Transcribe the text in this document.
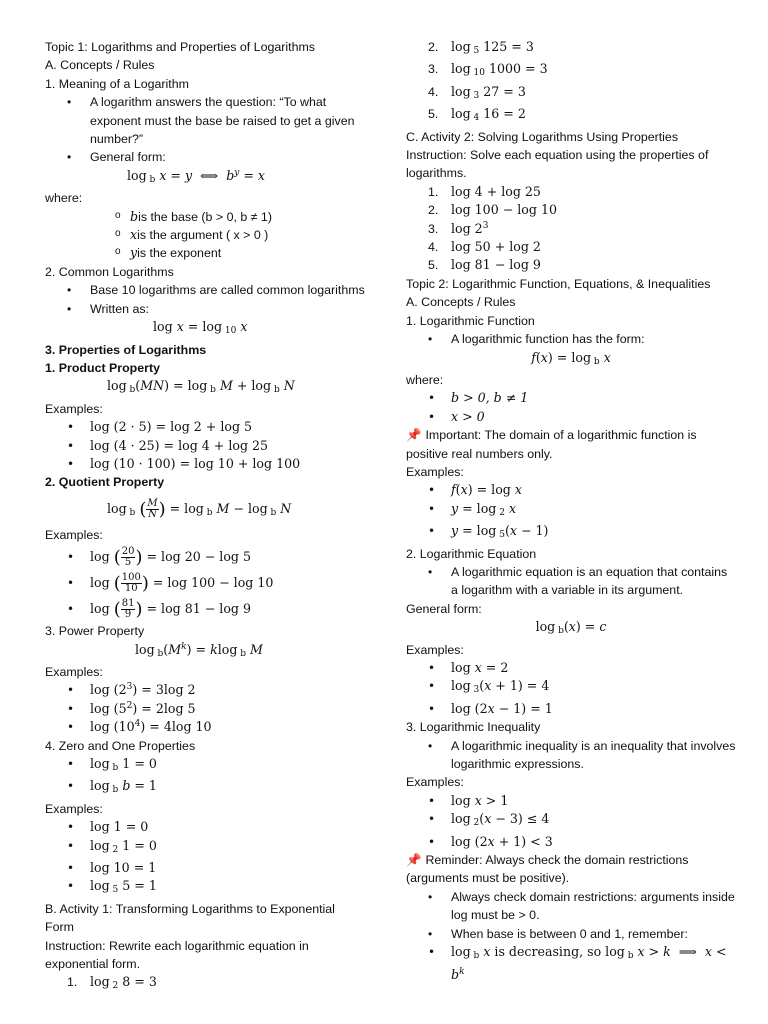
Topic 1: Logarithms and Properties of Logarithms
A. Concepts / Rules
1. Meaning of a Logarithm
• A logarithm answers the question: “To what exponent must the base be raised to get a given number?”
• General form:
log $_b$ x = y  ⟺  $b^y = x$
where:
o bis the base (b > 0, b ≠ 1)
o xis the argument ( x > 0 )
o yis the exponent
2. Common Logarithms
• Base 10 logarithms are called common logarithms
• Written as:
log x = log $_{10}$ x
3. Properties of Logarithms
1. Product Property
log $_b$(MN) = log $_b$ M + log $_b$ N
Examples:
• log (2 · 5) = log 2 + log 5
• log (4 · 25) = log 4 + log 25
• log (10 · 100) = log 10 + log 100
2. Quotient Property
log $_b$ ( $\frac{M}{N}$ ) = log $_b$ M − log $_b$ N
Examples:
• log ( $\frac{20}{5}$ ) = log 20 − log 5
• log ( $\frac{100}{10}$ ) = log 100 − log 10
• log ( $\frac{81}{9}$ ) = log 81 − log 9
3. Power Property
$\log _b(M^k) = klog$ $_b$ M
Examples:
• $\log (2^3) = 3\log$ 2
• $\log (5^2) = 2\log$ 5
• $\log (10^4) = 4\log$ 10
4. Zero and One Properties
• log $_b$ 1 = 0
• log $_b$ b = 1
Examples:
• log 1 = 0
• log $_2$ 1 = 0
• log 10 = 1
• log $_5$ 5 = 1
B. Activity 1: Transforming Logarithms to Exponential Form
Instruction: Rewrite each logarithmic equation in exponential form.
1. log $_2$ 8 = 3
2. log $_5$ 125 = 3
3. log $_{10}$ 1000 = 3
4. log $_3$ 27 = 3
5. log $_4$ 16 = 2
C. Activity 2: Solving Logarithms Using Properties
Instruction: Solve each equation using the properties of logarithms.
1. log 4 + log 25
2. log 100 − log 10
3. $\log 2^3$
4. log 50 + log 2
5. log 81 − log 9
Topic 2: Logarithmic Function, Equations, & Inequalities
A. Concepts / Rules
1. Logarithmic Function
• A logarithmic function has the form:
f(x) = log $_b$ x
where:
• b > 0, b ≠ 1
• x > 0
📌 Important: The domain of a logarithmic function is positive real numbers only.
Examples:
• f(x) = log x
• y = log $_2$ x
• y = log $_5$(x − 1)
2. Logarithmic Equation
• A logarithmic equation is an equation that contains a logarithm with a variable in its argument.
General form:
log $_b$(x) = c
Examples:
• log x = 2
• log $_3$(x + 1) = 4
• log (2x − 1) = 1
3. Logarithmic Inequality
• A logarithmic inequality is an inequality that involves logarithmic expressions.
Examples:
• log x > 1
• log $_2$(x − 3) ≤ 4
• log (2x + 1) < 3
📌 Reminder: Always check the domain restrictions (arguments must be positive).
• Always check domain restrictions: arguments inside log must be > 0.
• When base is between 0 and 1, remember:
• log $_b$ x is decreasing, so log $_b$ x > k  ⟹  $x < b^k$
